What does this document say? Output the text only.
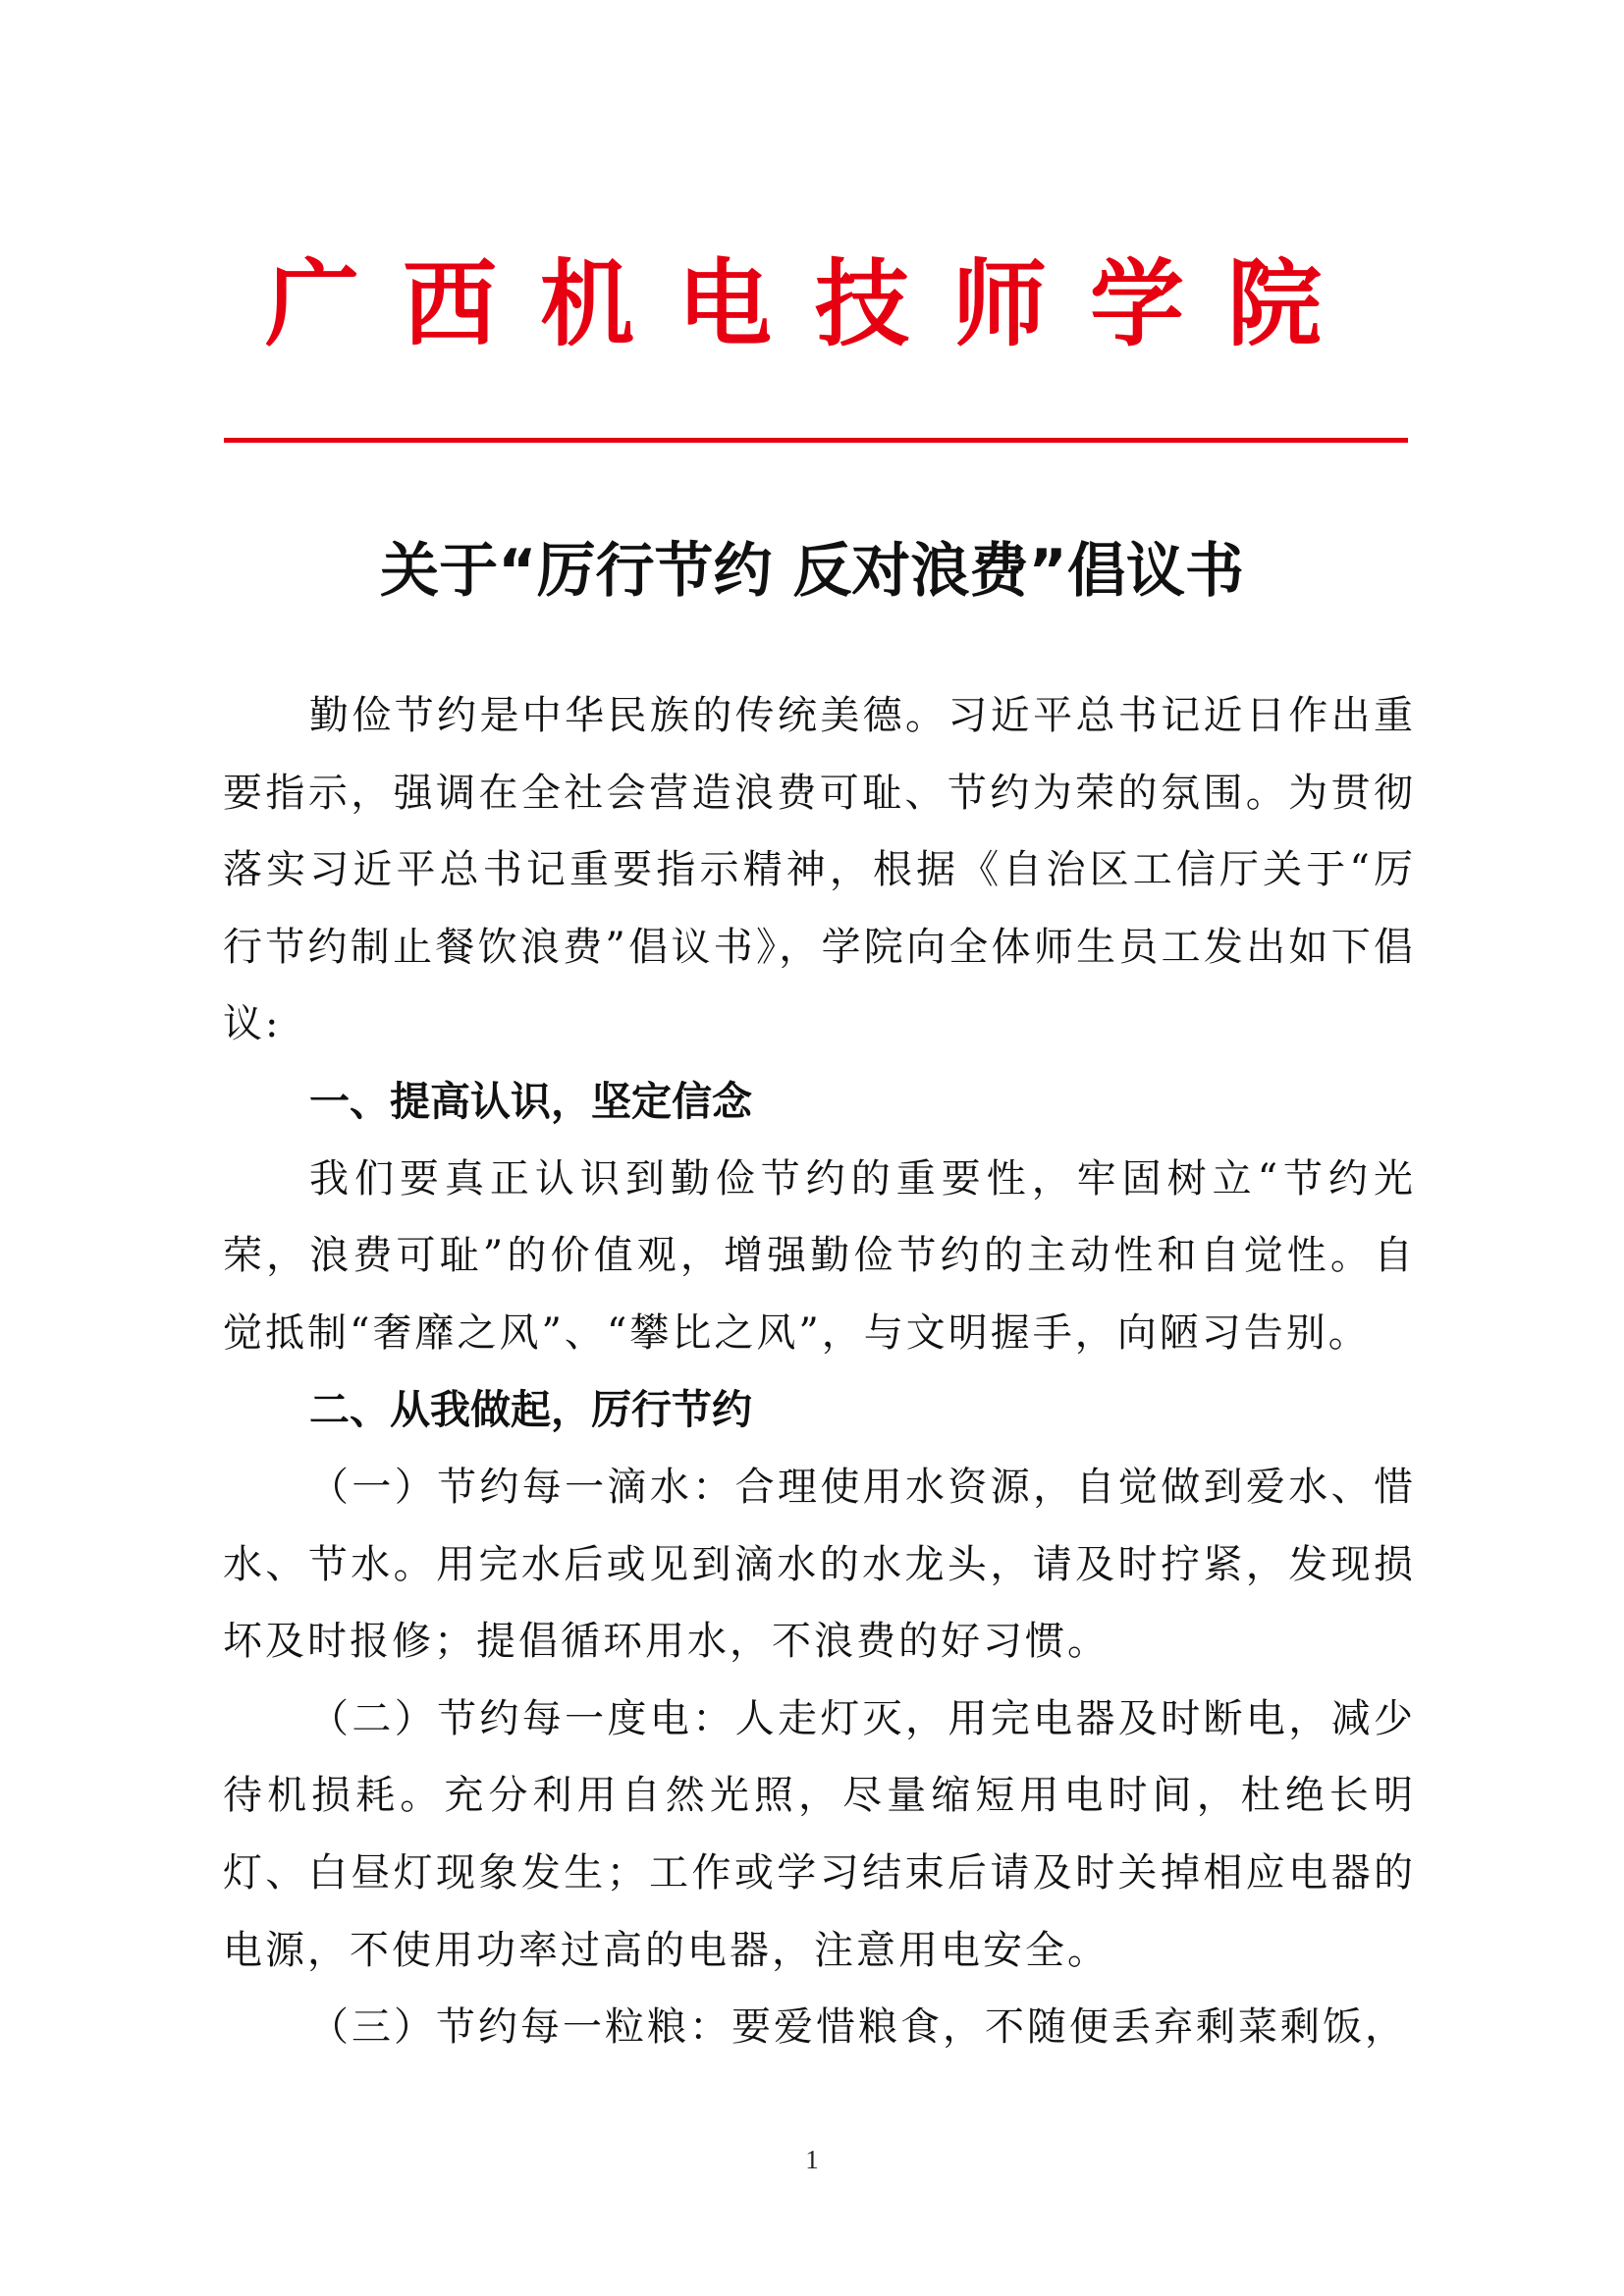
广西机电技师学院
关于“厉行节约 反对浪费”倡议书

勤俭节约是中华民族的传统美德。习近平总书记近日作出重要指示，强调在全社会营造浪费可耻、节约为荣的氛围。为贯彻落实习近平总书记重要指示精神，根据《自治区工信厅关于“厉行节约制止餐饮浪费”倡议书》，学院向全体师生员工发出如下倡议:

一、提高认识，坚定信念

我们要真正认识到勤俭节约的重要性，牢固树立“节约光荣，浪费可耻”的价值观，增强勤俭节约的主动性和自觉性。自觉抵制“奢靡之风”、“攀比之风”，与文明握手，向陋习告别。

二、从我做起，厉行节约

（一）节约每一滴水：合理使用水资源，自觉做到爱水、惜水、节水。用完水后或见到滴水的水龙头，请及时拧紧，发现损坏及时报修；提倡循环用水，不浪费的好习惯。

（二）节约每一度电：人走灯灭，用完电器及时断电，减少待机损耗。充分利用自然光照，尽量缩短用电时间，杜绝长明灯、白昼灯现象发生；工作或学习结束后请及时关掉相应电器的电源，不使用功率过高的电器，注意用电安全。

（三）节约每一粒粮：要爱惜粮食，不随便丢弃剩菜剩饭，

1
